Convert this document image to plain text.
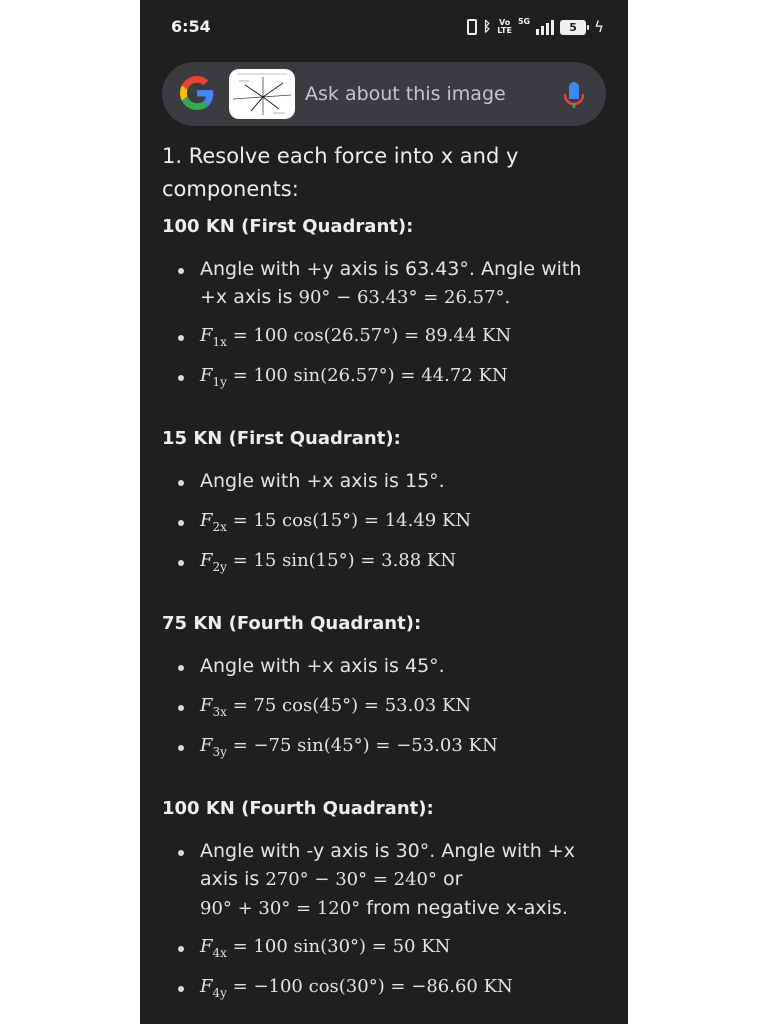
6:54	ᛒ Vo
LTE
5G	5 ϟ
Ask about this image

1. Resolve each force into x and y components:

100 KN (First Quadrant):

Angle with +y axis is 63.43°. Angle with +x axis is 90° − 63.43° = 26.57°.
$F_{1x} = 100$ cos(26.57°) = 89.44 KN
$F_{1y} = 100$ sin(26.57°) = 44.72 KN

15 KN (First Quadrant):

Angle with +x axis is 15°.
$F_{2x} = 15$ cos(15°) = 14.49 KN
$F_{2y} = 15$ sin(15°) = 3.88 KN

75 KN (Fourth Quadrant):

Angle with +x axis is 45°.
$F_{3x} = 75$ cos(45°) = 53.03 KN
$F_{3y} = -75$ sin(45°) = −53.03 KN

100 KN (Fourth Quadrant):

Angle with -y axis is 30°. Angle with +x axis is 270° − 30° = 240° or
90° + 30° = 120° from negative x-axis.
$F_{4x} = 100$ sin(30°) = 50 KN
$F_{4y} = -100$ cos(30°) = −86.60 KN
